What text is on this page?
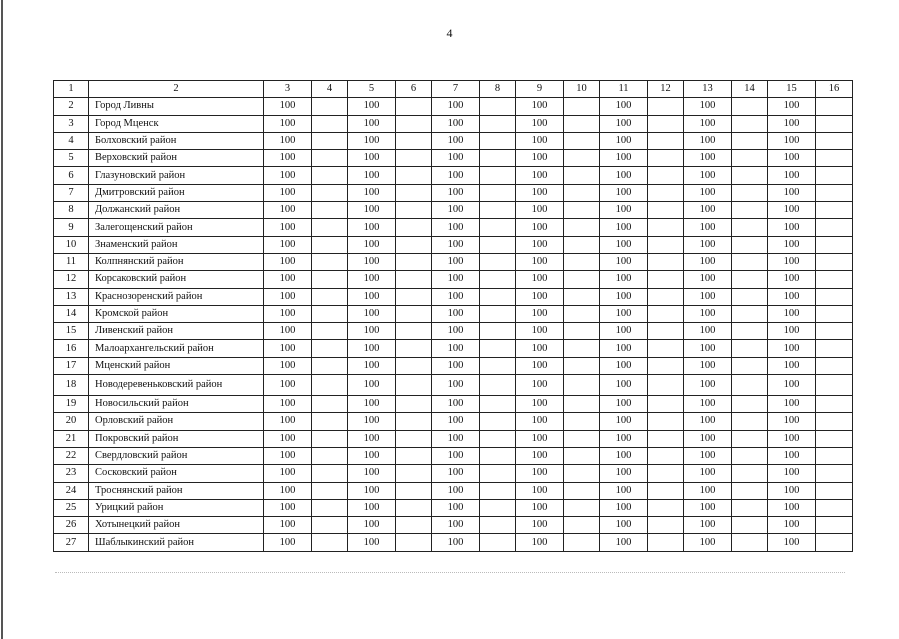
4
1	2	3	4	5	6	7	8	9	10	11	12	13	14	15	16
2	Город Ливны	100		100		100		100		100		100		100	
3	Город Мценск	100		100		100		100		100		100		100	
4	Болховский район	100		100		100		100		100		100		100	
5	Верховский район	100		100		100		100		100		100		100	
6	Глазуновский район	100		100		100		100		100		100		100	
7	Дмитровский район	100		100		100		100		100		100		100	
8	Должанский район	100		100		100		100		100		100		100	
9	Залегощенский район	100		100		100		100		100		100		100	
10	Знаменский район	100		100		100		100		100		100		100	
11	Колпнянский район	100		100		100		100		100		100		100	
12	Корсаковский район	100		100		100		100		100		100		100	
13	Краснозоренский район	100		100		100		100		100		100		100	
14	Кромской район	100		100		100		100		100		100		100	
15	Ливенский район	100		100		100		100		100		100		100	
16	Малоархангельский район	100		100		100		100		100		100		100	
17	Мценский район	100		100		100		100		100		100		100	
18	Новодеревеньковский район	100		100		100		100		100		100		100	
19	Новосильский район	100		100		100		100		100		100		100	
20	Орловский район	100		100		100		100		100		100		100	
21	Покровский район	100		100		100		100		100		100		100	
22	Свердловский район	100		100		100		100		100		100		100	
23	Сосковский район	100		100		100		100		100		100		100	
24	Троснянский район	100		100		100		100		100		100		100	
25	Урицкий район	100		100		100		100		100		100		100	
26	Хотынецкий район	100		100		100		100		100		100		100	
27	Шаблыкинский район	100		100		100		100		100		100		100	
